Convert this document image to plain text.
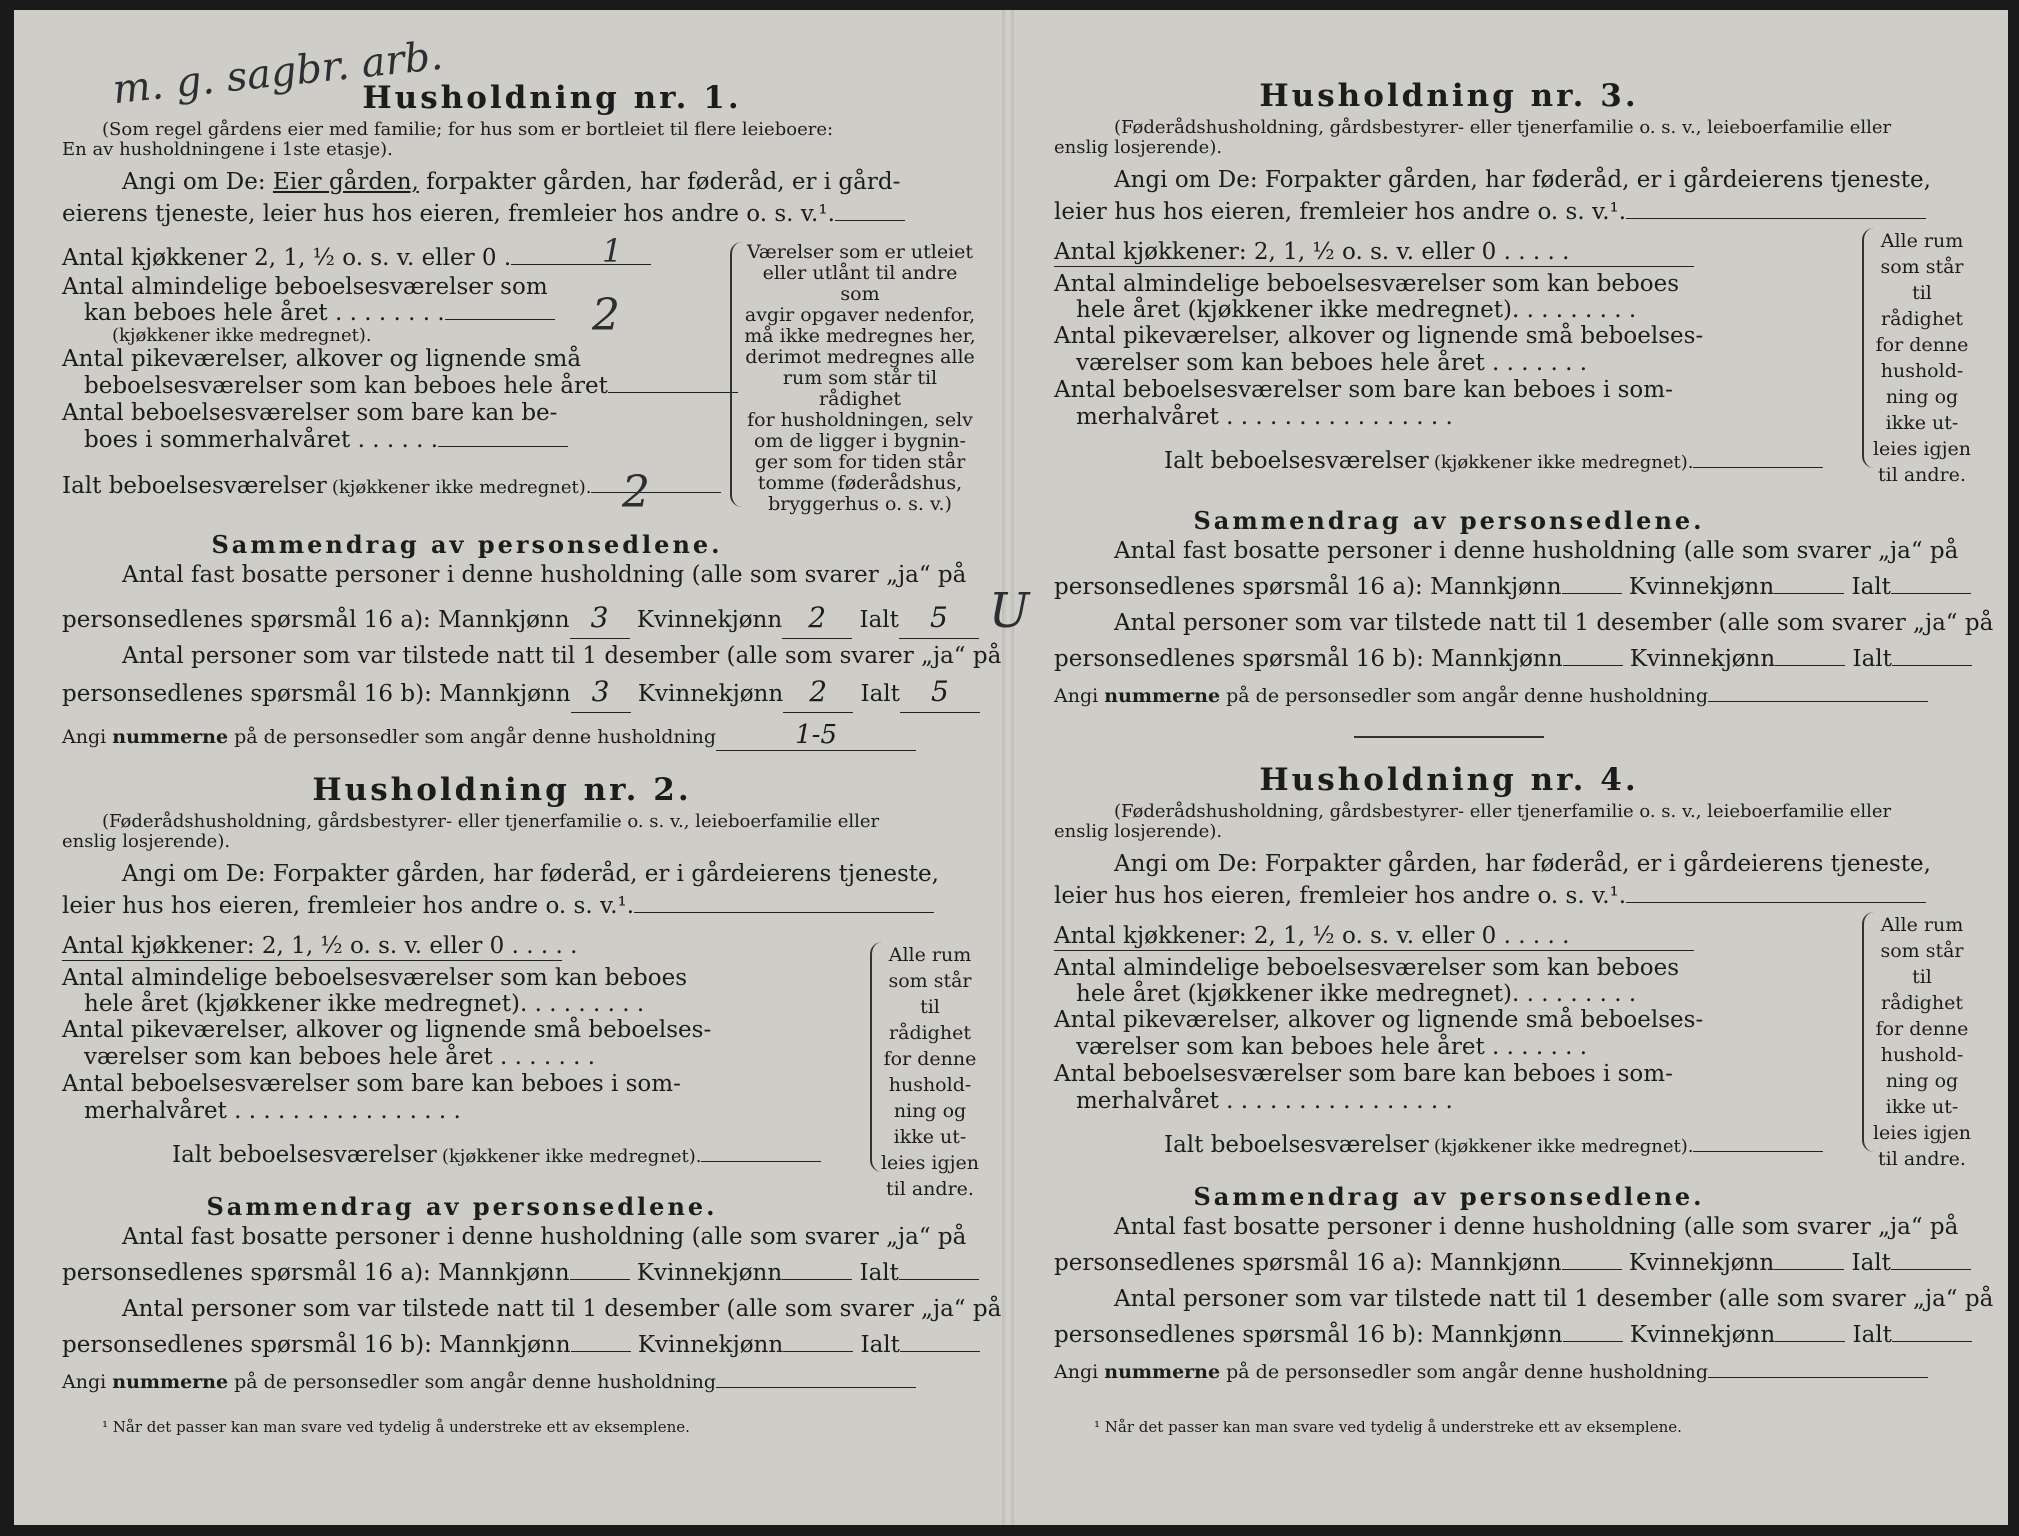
m. g. sagbr. arb.
Husholdning nr. 1.
(Som regel gårdens eier med familie; for hus som er bortleiet til flere leieboere:
En av husholdningene i 1ste etasje).
Angi om De: Eier gården, forpakter gården, har føderåd, er i gård-
eierens tjeneste, leier hus hos eieren, fremleier hos andre o. s. v.¹.
Antal kjøkkener 2, 1, ½ o. s. v. eller 0 .	1
Antal almindelige beboelsesværelser som
kan beboes hele året . . . . . . . .
(kjøkkener ikke medregnet).	2
Antal pikeværelser, alkover og lignende små
beboelsesværelser som kan beboes hele året
Antal beboelsesværelser som bare kan be-
boes i sommerhalvåret . . . . . .
Ialt beboelsesværelser (kjøkkener ikke medregnet). 2
Værelser som er utleiet
eller utlånt til andre som
avgir opgaver nedenfor,
må ikke medregnes her,
derimot medregnes alle
rum som står til rådighet
for husholdningen, selv
om de ligger i bygnin-
ger som for tiden står
tomme (føderådshus,
bryggerhus o. s. v.)
Sammendrag av personsedlene.
Antal fast bosatte personer i denne husholdning (alle som svarer „ja“ på
personsedlenes spørsmål 16 a): Mannkjønn 3 Kvinnekjønn 2 Ialt 5 U
Antal personer som var tilstede natt til 1 desember (alle som svarer „ja“ på
personsedlenes spørsmål 16 b): Mannkjønn 3 Kvinnekjønn 2 Ialt 5
Angi nummerne på de personsedler som angår denne husholdning	1-5
Husholdning nr. 2.
(Føderådshusholdning, gårdsbestyrer- eller tjenerfamilie o. s. v., leieboerfamilie eller
enslig losjerende).
Angi om De: Forpakter gården, har føderåd, er i gårdeierens tjeneste,
leier hus hos eieren, fremleier hos andre o. s. v.¹.
Antal kjøkkener: 2, 1, ½ o. s. v. eller 0 . . . . .
Antal almindelige beboelsesværelser som kan beboes
hele året (kjøkkener ikke medregnet). . . . . . . . .
Antal pikeværelser, alkover og lignende små beboelses-
værelser som kan beboes hele året . . . . . . .
Antal beboelsesværelser som bare kan beboes i som-
merhalvåret . . . . . . . . . . . . . . . .
Ialt beboelsesværelser (kjøkkener ikke medregnet).
Alle rum
som står til
rådighet
for denne
hushold-
ning og
ikke ut-
leies igjen
til andre.
Sammendrag av personsedlene.
Antal fast bosatte personer i denne husholdning (alle som svarer „ja“ på
personsedlenes spørsmål 16 a): Mannkjønn	Kvinnekjønn	Ialt
Antal personer som var tilstede natt til 1 desember (alle som svarer „ja“ på
personsedlenes spørsmål 16 b): Mannkjønn	Kvinnekjønn	Ialt
Angi nummerne på de personsedler som angår denne husholdning
¹ Når det passer kan man svare ved tydelig å understreke ett av eksemplene.
Husholdning nr. 3.
(Føderådshusholdning, gårdsbestyrer- eller tjenerfamilie o. s. v., leieboerfamilie eller
enslig losjerende).
Angi om De: Forpakter gården, har føderåd, er i gårdeierens tjeneste,
leier hus hos eieren, fremleier hos andre o. s. v.¹.
Antal kjøkkener: 2, 1, ½ o. s. v. eller 0 . . . . .
Antal almindelige beboelsesværelser som kan beboes
hele året (kjøkkener ikke medregnet). . . . . . . . .
Antal pikeværelser, alkover og lignende små beboelses-
værelser som kan beboes hele året . . . . . . .
Antal beboelsesværelser som bare kan beboes i som-
merhalvåret . . . . . . . . . . . . . . . .
Ialt beboelsesværelser (kjøkkener ikke medregnet).
Alle rum
som står til
rådighet
for denne
hushold-
ning og
ikke ut-
leies igjen
til andre.
Sammendrag av personsedlene.
Antal fast bosatte personer i denne husholdning (alle som svarer „ja“ på
personsedlenes spørsmål 16 a): Mannkjønn	Kvinnekjønn	Ialt
Antal personer som var tilstede natt til 1 desember (alle som svarer „ja“ på
personsedlenes spørsmål 16 b): Mannkjønn	Kvinnekjønn	Ialt
Angi nummerne på de personsedler som angår denne husholdning
Husholdning nr. 4.
(Føderådshusholdning, gårdsbestyrer- eller tjenerfamilie o. s. v., leieboerfamilie eller
enslig losjerende).
Angi om De: Forpakter gården, har føderåd, er i gårdeierens tjeneste,
leier hus hos eieren, fremleier hos andre o. s. v.¹.
Antal kjøkkener: 2, 1, ½ o. s. v. eller 0 . . . . .
Antal almindelige beboelsesværelser som kan beboes
hele året (kjøkkener ikke medregnet). . . . . . . . .
Antal pikeværelser, alkover og lignende små beboelses-
værelser som kan beboes hele året . . . . . . .
Antal beboelsesværelser som bare kan beboes i som-
merhalvåret . . . . . . . . . . . . . . . .
Ialt beboelsesværelser (kjøkkener ikke medregnet).
Alle rum
som står til
rådighet
for denne
hushold-
ning og
ikke ut-
leies igjen
til andre.
Sammendrag av personsedlene.
Antal fast bosatte personer i denne husholdning (alle som svarer „ja“ på
personsedlenes spørsmål 16 a): Mannkjønn	Kvinnekjønn	Ialt
Antal personer som var tilstede natt til 1 desember (alle som svarer „ja“ på
personsedlenes spørsmål 16 b): Mannkjønn	Kvinnekjønn	Ialt
Angi nummerne på de personsedler som angår denne husholdning
¹ Når det passer kan man svare ved tydelig å understreke ett av eksemplene.
